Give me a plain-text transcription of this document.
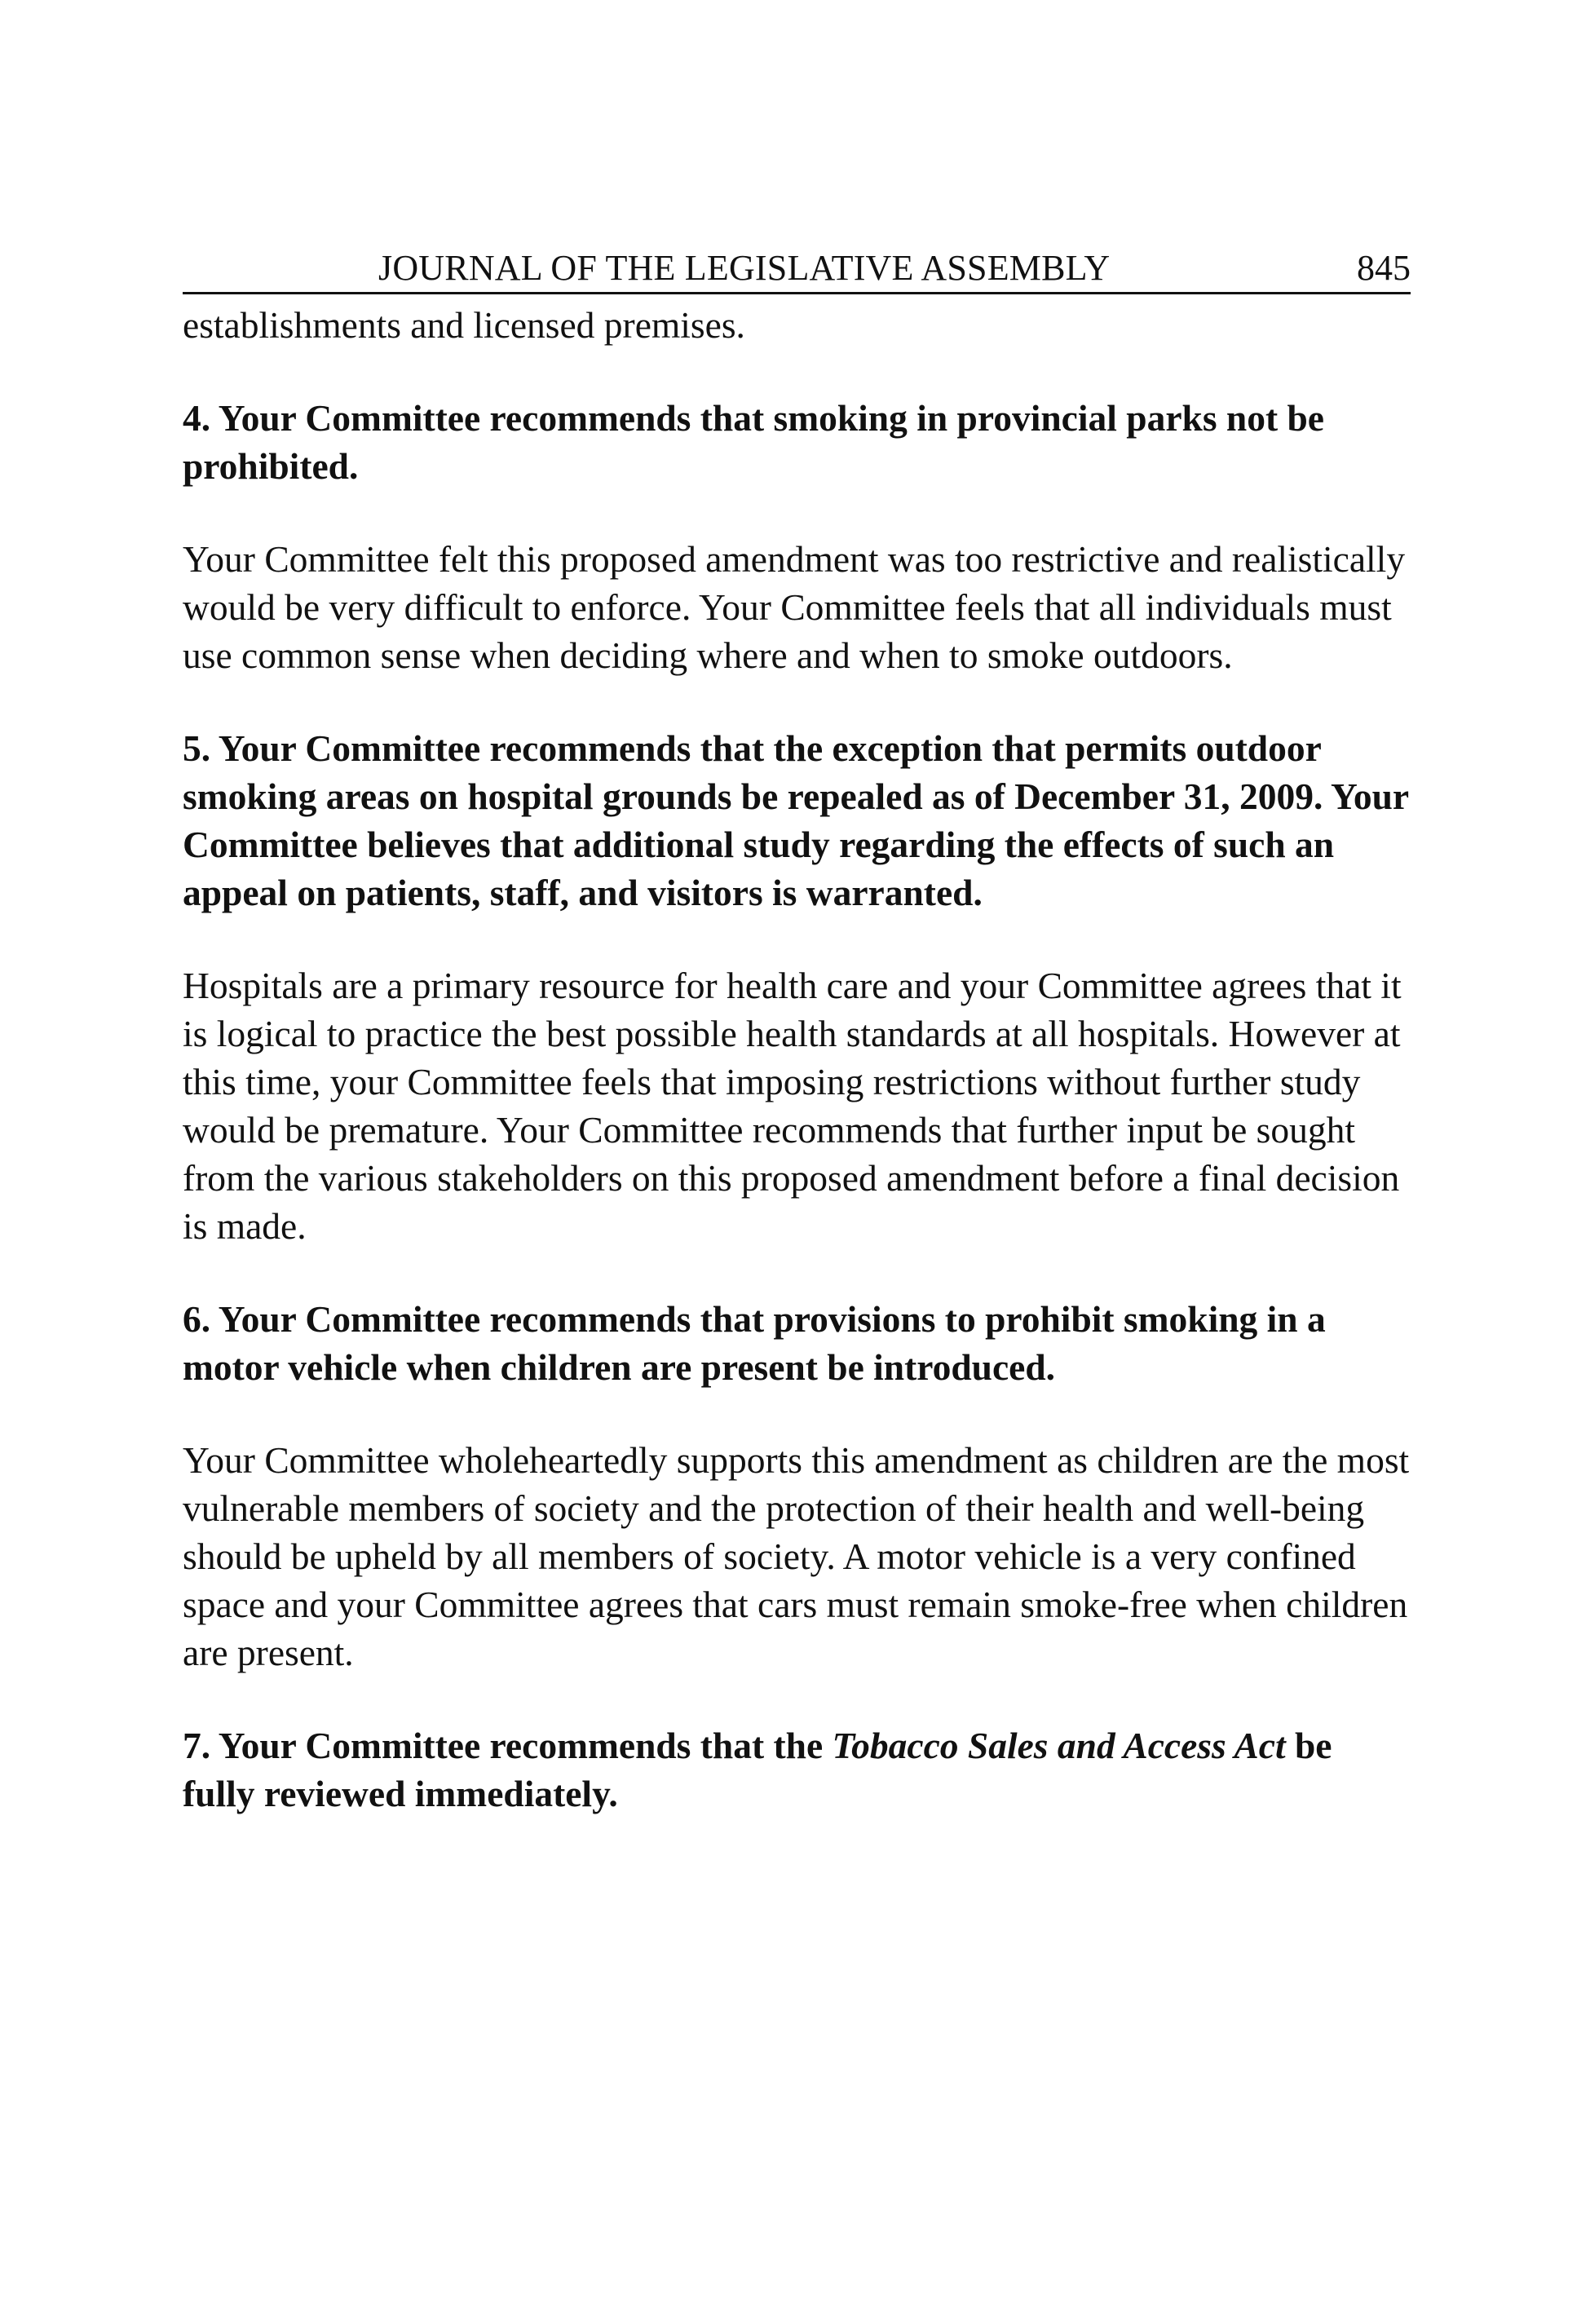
JOURNAL OF THE LEGISLATIVE ASSEMBLY	845

establishments and licensed premises.

4. Your Committee recommends that smoking in provincial parks not be prohibited.

Your Committee felt this proposed amendment was too restrictive and realistically would be very difficult to enforce. Your Committee feels that all individuals must use common sense when deciding where and when to smoke outdoors.

5. Your Committee recommends that the exception that permits outdoor smoking areas on hospital grounds be repealed as of December 31, 2009. Your Committee believes that additional study regarding the effects of such an appeal on patients, staff, and visitors is warranted.

Hospitals are a primary resource for health care and your Committee agrees that it is logical to practice the best possible health standards at all hospitals. However at this time, your Committee feels that imposing restrictions without further study would be premature. Your Committee recommends that further input be sought from the various stakeholders on this proposed amendment before a final decision is made.

6. Your Committee recommends that provisions to prohibit smoking in a motor vehicle when children are present be introduced.

Your Committee wholeheartedly supports this amendment as children are the most vulnerable members of society and the protection of their health and well-being should be upheld by all members of society. A motor vehicle is a very confined space and your Committee agrees that cars must remain smoke-free when children are present.

7. Your Committee recommends that the Tobacco Sales and Access Act be fully reviewed immediately.
